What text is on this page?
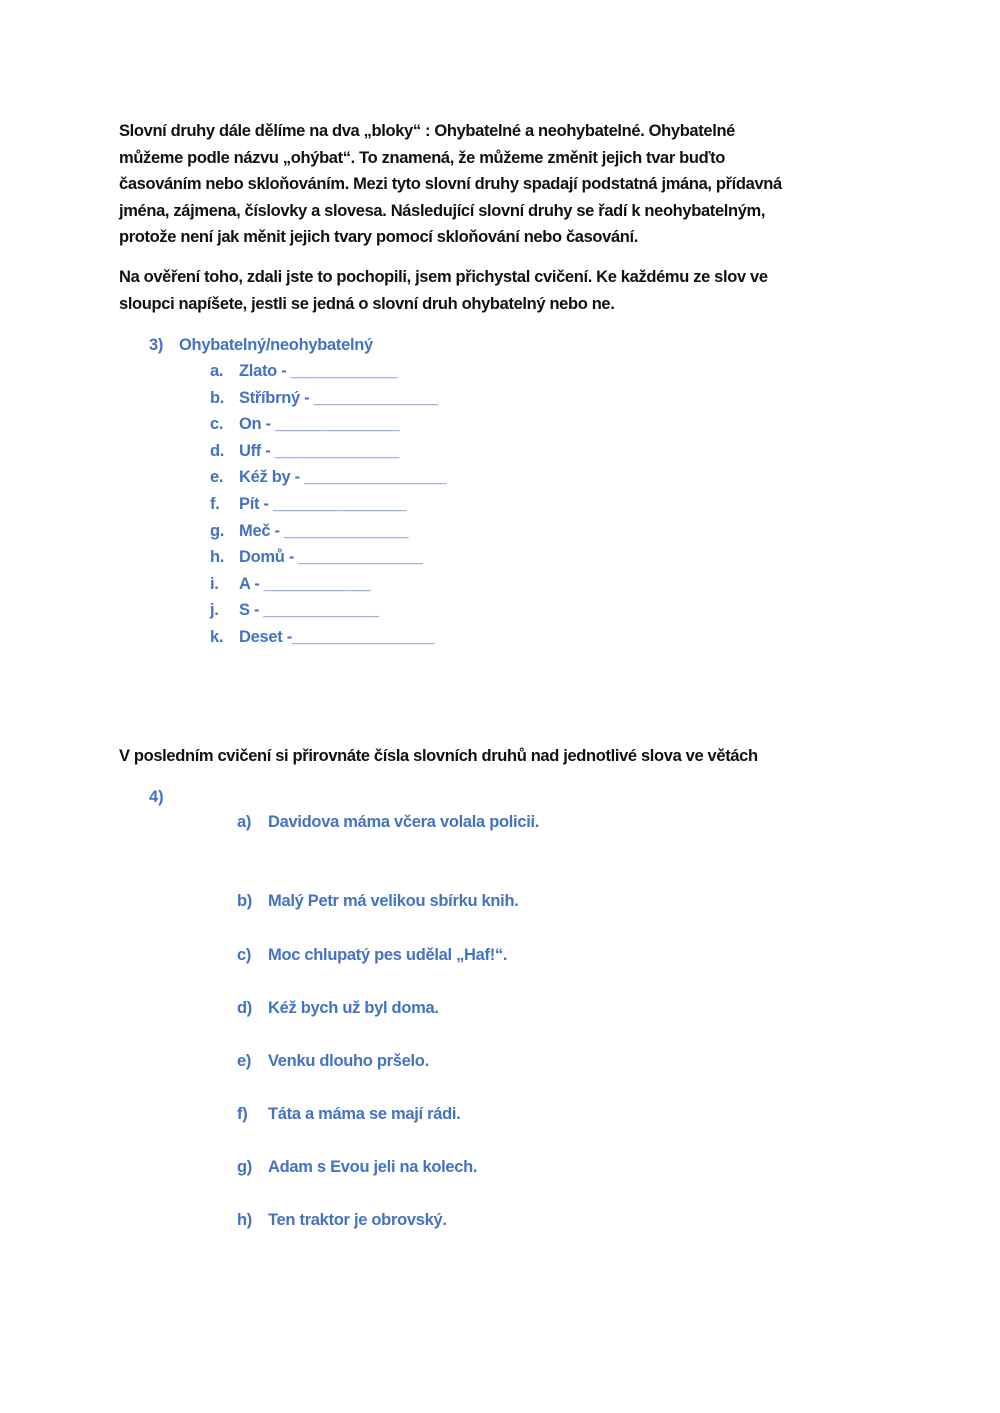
Slovní druhy dále dělíme na dva „bloky“ : Ohybatelné a neohybatelné. Ohybatelné
můžeme podle názvu „ohýbat“. To znamená, že můžeme změnit jejich tvar buďto
časováním nebo skloňováním. Mezi tyto slovní druhy spadají podstatná jmána, přídavná
jména, zájmena, číslovky a slovesa. Následující slovní druhy se řadí k neohybatelným,
protože není jak měnit jejich tvary pomocí skloňování nebo časování.
Na ověření toho, zdali jste to pochopili, jsem přichystal cvičení. Ke každému ze slov ve
sloupci napíšete, jestli se jedná o slovní druh ohybatelný nebo ne.
3) Ohybatelný/neohybatelný
a. Zlato - ____________
b. Stříbrný - ______________
c. On - ______________
d. Uff - ______________
e. Kéž by - ________________
f. Pít - _______________
g. Meč - ______________
h. Domů - ______________
i. A - ____________
j. S - _____________
k. Deset -________________
V posledním cvičení si přirovnáte čísla slovních druhů nad jednotlivé slova ve větách
4)
a) Davidova máma včera volala policii.
b) Malý Petr má velikou sbírku knih.
c) Moc chlupatý pes udělal „Haf!“.
d) Kéž bych už byl doma.
e) Venku dlouho pršelo.
f) Táta a máma se mají rádi.
g) Adam s Evou jeli na kolech.
h) Ten traktor je obrovský.
